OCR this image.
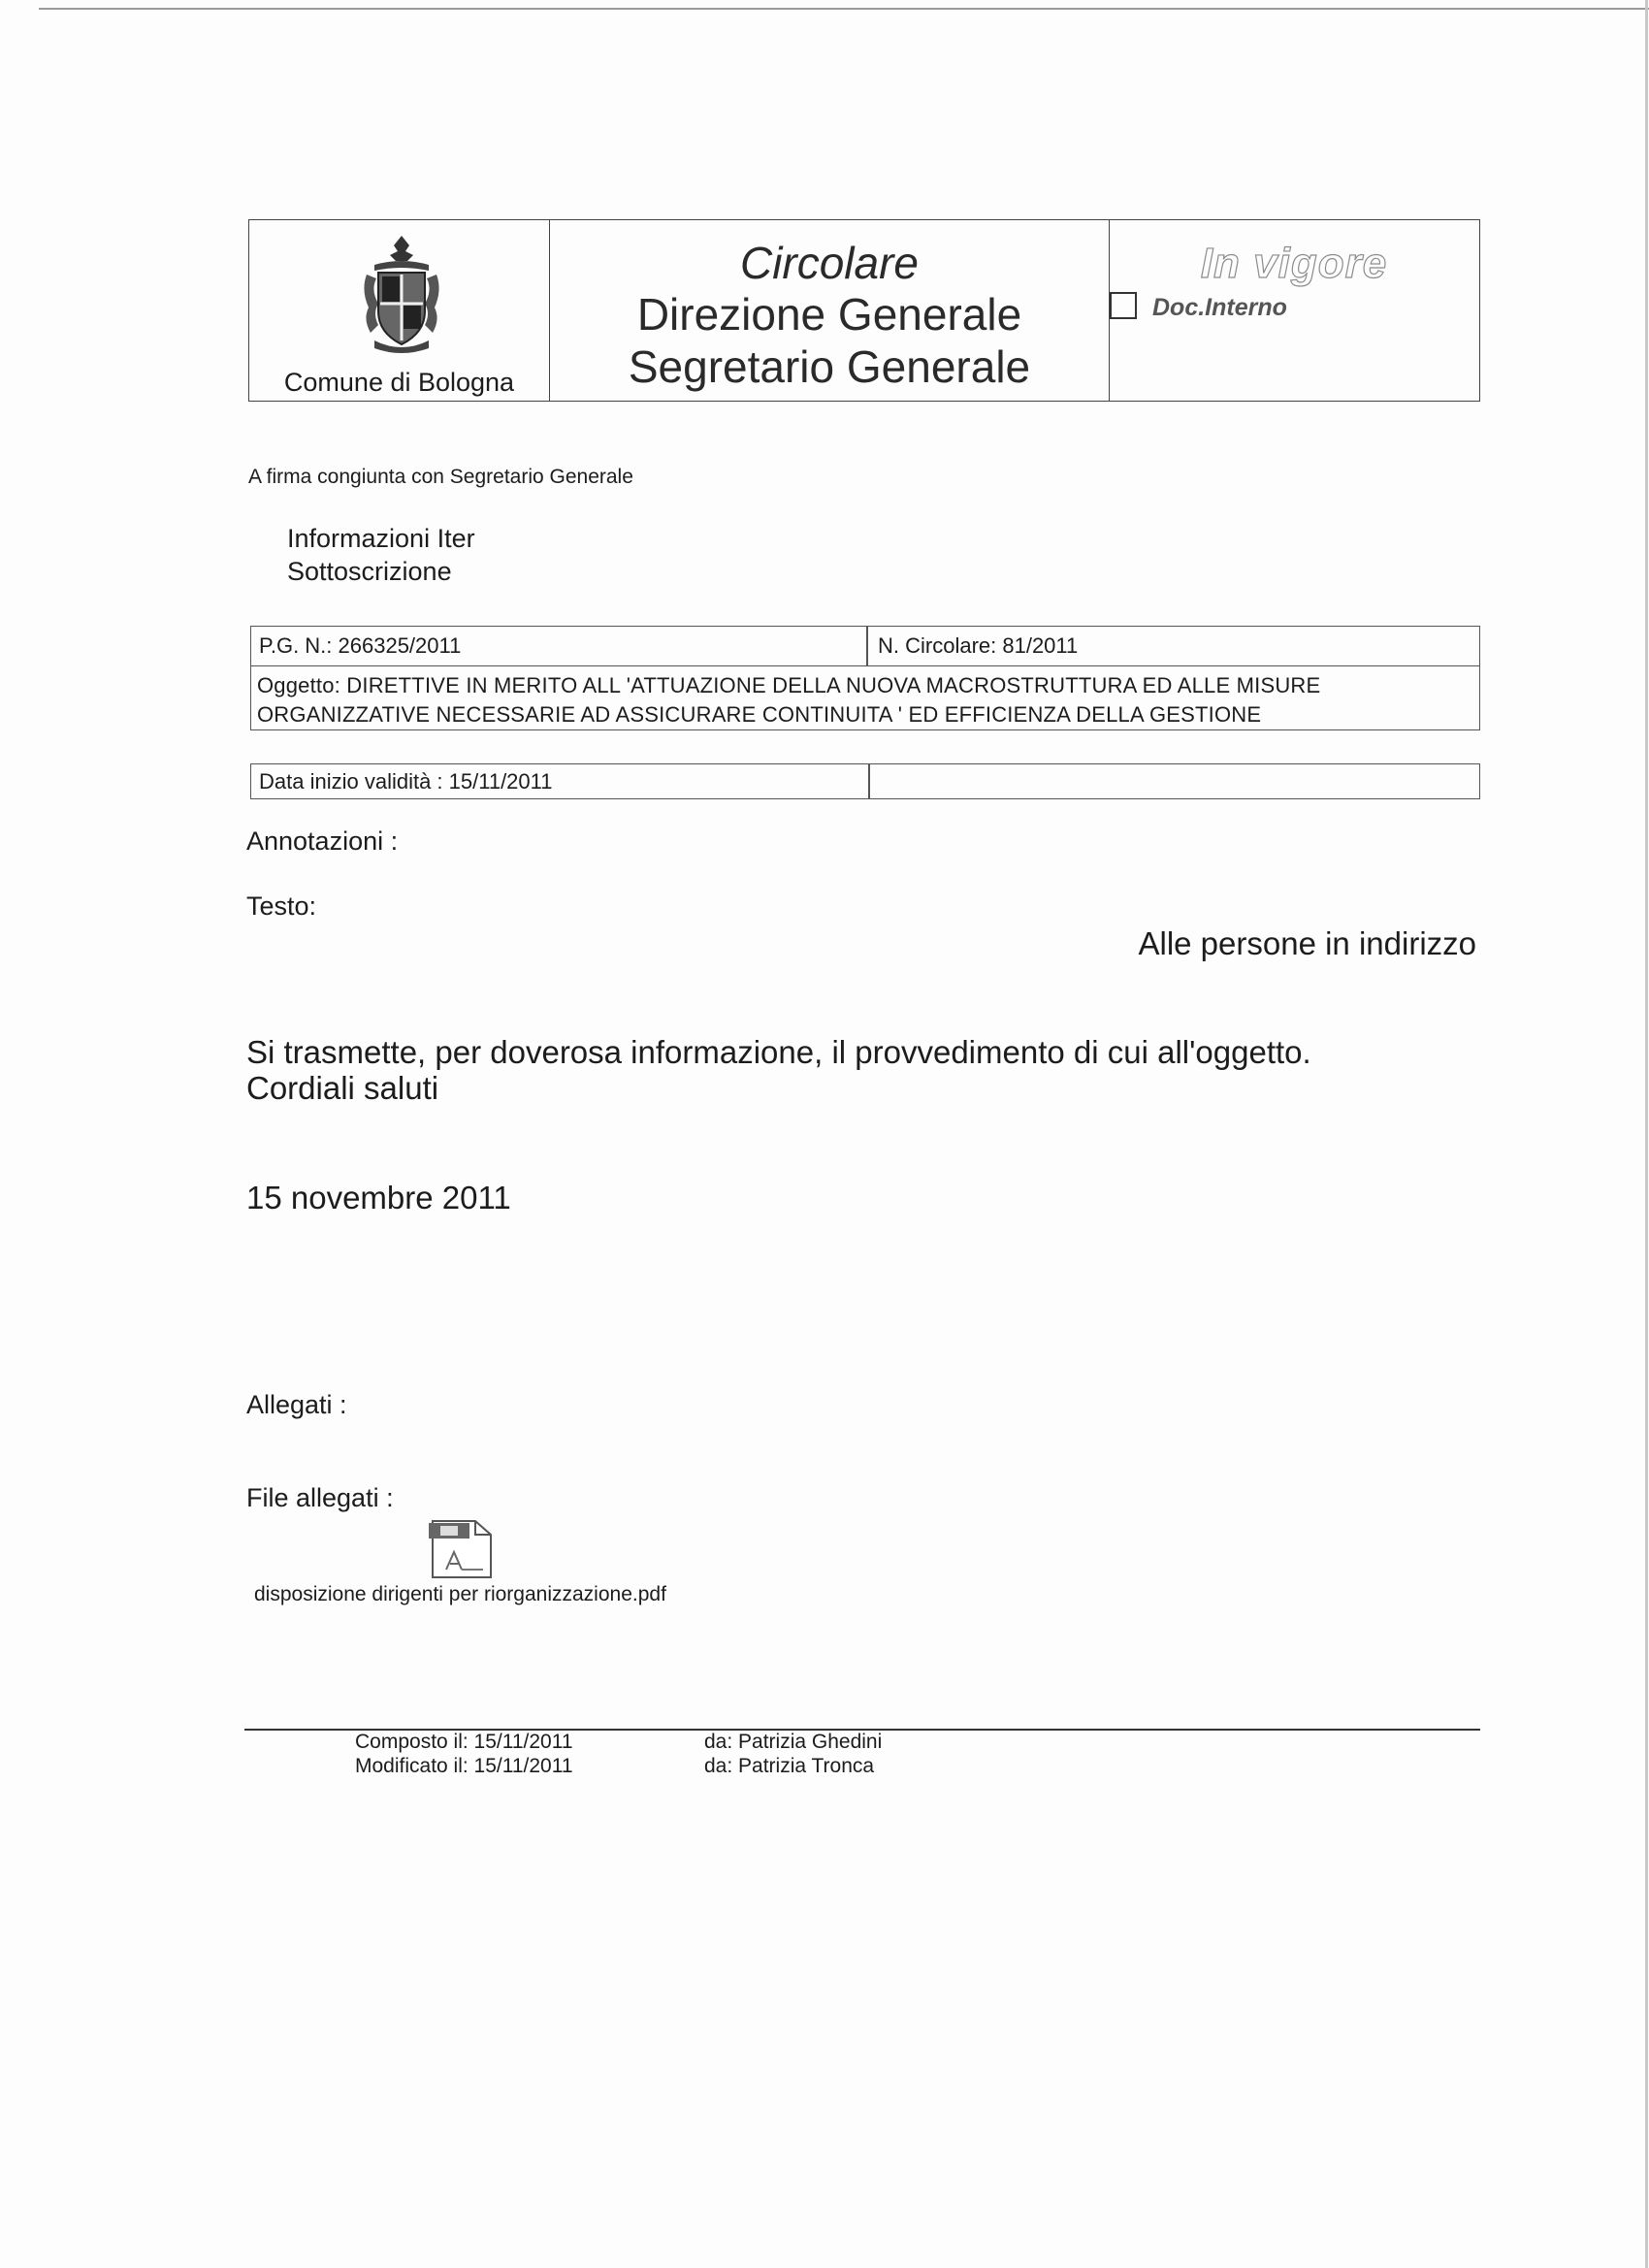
Comune di Bologna
Circolare
Direzione Generale
Segretario Generale
In vigore
Doc.Interno
A firma congiunta con Segretario Generale
Informazioni Iter
Sottoscrizione
P.G. N.: 266325/2011	N. Circolare: 81/2011
Oggetto: DIRETTIVE IN MERITO ALL 'ATTUAZIONE DELLA NUOVA MACROSTRUTTURA ED ALLE MISURE
ORGANIZZATIVE NECESSARIE AD ASSICURARE CONTINUITA ' ED EFFICIENZA DELLA GESTIONE
Data inizio validità : 15/11/2011
Annotazioni :
Testo:
Alle persone in indirizzo
Si trasmette, per doverosa informazione, il provvedimento di cui all'oggetto.
Cordiali saluti
15 novembre 2011
Allegati :
File allegati :
disposizione dirigenti per riorganizzazione.pdf
Composto il: 15/11/2011
Modificato il: 15/11/2011
da: Patrizia Ghedini
da: Patrizia Tronca
